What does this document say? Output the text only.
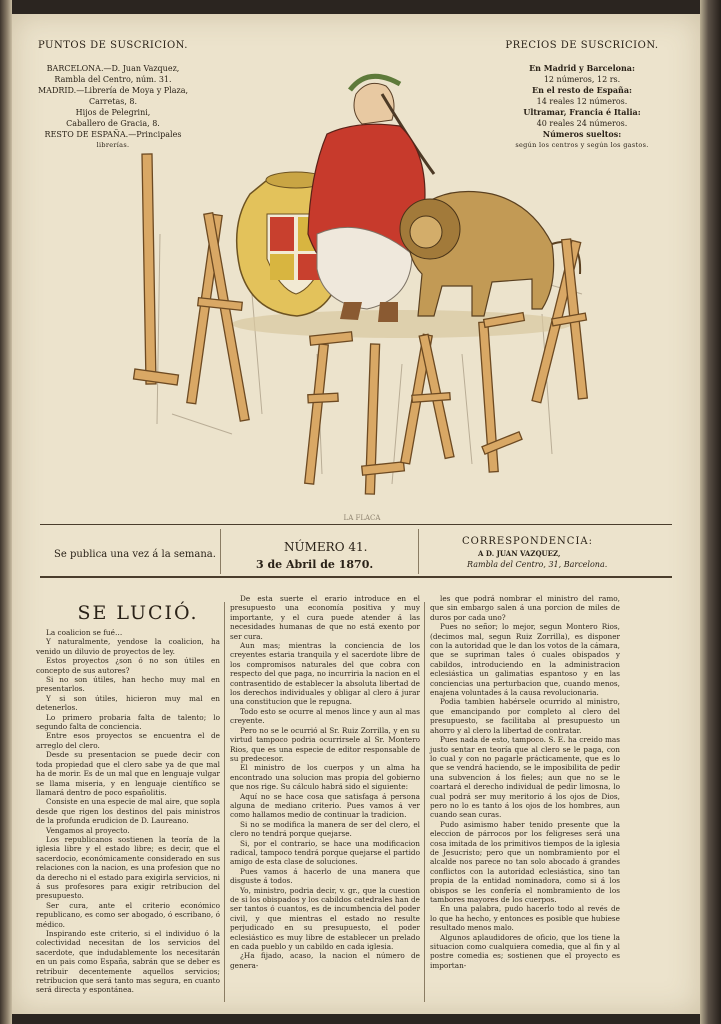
PUNTOS DE SUSCRICION.
BARCELONA.—D. Juan Vazquez,
Rambla del Centro, núm. 31.
MADRID.—Librería de Moya y Plaza,
Carretas, 8.
Hijos de Pelegrini,
Caballero de Gracia, 8.
RESTO DE ESPAÑA.—Principales
librerías.
PRECIOS DE SUSCRICION.
En Madrid y Barcelona:
12 números, 12 rs.
En el resto de España:
14 reales 12 números.
Ultramar, Francia é Italia:
40 reales 24 números.
Números sueltos:
según los centros y según los gastos.
LA FLACA
Se publica una vez á la semana.
NÚMERO 41.
3 de Abril de 1870.
CORRESPONDENCIA:
A D. JUAN VAZQUEZ,
Rambla del Centro, 31, Barcelona.
SE LUCIÓ.

La coalicion se fué…

Y naturalmente, yendose la coalicion, ha venido un diluvio de proyectos de ley.

Estos proyectos ¿son ó no son útiles en concepto de sus autores?

Si no son útiles, han hecho muy mal en presentarlos.

Y si son útiles, hicieron muy mal en detenerlos.

Lo primero probaria falta de talento; lo segundo falta de conciencia.

Entre esos proyectos se encuentra el de arreglo del clero.

Desde su presentacion se puede decir con toda propiedad que el clero sabe ya de que mal ha de morir. Es de un mal que en lenguaje vulgar se llama miseria, y en lenguaje científico se llamará dentro de poco españolitis.

Consiste en una especie de mal aire, que sopla desde que rigen los destinos del pais ministros de la profunda erudicion de D. Laureano.

Vengamos al proyecto.

Los republicanos sostienen la teoría de la iglesia libre y el estado libre; es decir, que el sacerdocio, económicamente considerado en sus relaciones con la nacion, es una profesion que no da derecho ni el estado para exigirla servicios, ni á sus profesores para exigir retribucion del presupuesto.

Ser cura, ante el criterio económico republicano, es como ser abogado, ó escribano, ó médico.

Inspirando este criterio, si el individuo ó la colectividad necesitan de los servicios del sacerdote, que indudablemente los necesitarán en un pais como España, sabrán que se deber es retribuir decentemente aquellos servicios; retribucion que será tanto mas segura, en cuanto será directa y espontánea.

De esta suerte el erario introduce en el presupuesto una economía positiva y muy importante, y el cura puede atender á las necesidades humanas de que no está exento por ser cura.

Aun mas; mientras la conciencia de los creyentes estaria tranquila y el sacerdote libre de los compromisos naturales del que cobra con respecto del que paga, no incurriria la nacion en el contrasentido de establecer la absoluta libertad de los derechos individuales y obligar al clero á jurar una constitucion que le repugna.

Todo esto se ocurre al menos lince y aun al mas creyente.

Pero no se le ocurrió al Sr. Ruiz Zorrilla, y en su virtud tampoco podria ocurrirsele al Sr. Montero Rios, que es una especie de editor responsable de su predecesor.

El ministro de los cuerpos y un alma ha encontrado una solucion mas propia del gobierno que nos rige. Su cálculo habrá sido el siguiente:

Aquí no se hace cosa que satisfaga á persona alguna de mediano criterio. Pues vamos á ver como hallamos medio de continuar la tradicion.

Si no se modifica la manera de ser del clero, el clero no tendrá porque quejarse.

Si, por el contrario, se hace una modificacion radical, tampoco tendrá porque quejarse el partido amigo de esta clase de soluciones.

Pues vamos á hacerlo de una manera que disguste á todos.

Yo, ministro, podria decir, v. gr., que la cuestion de si los obispados y los cabildos catedrales han de ser tantos ó cuantos, es de incumbencia del poder civil, y que mientras el estado no resulte perjudicado en su presupuesto, el poder eclesiástico es muy libre de establecer un prelado en cada pueblo y un cabildo en cada iglesia.

¿Ha fijado, acaso, la nacion el número de genera-

les que podrá nombrar el ministro del ramo, que sin embargo salen á una porcion de miles de duros por cada uno?

Pues no señor; lo mejor, segun Montero Rios, (decimos mal, segun Ruiz Zorrilla), es disponer con la autoridad que le dan los votos de la cámara, que se supriman tales ó cuales obispados y cabildos, introduciendo en la administracion eclesiástica un galimatias espantoso y en las conciencias una perturbacion que, cuando menos, enajena voluntades á la causa revolucionaria.

Podia tambien habérsele ocurrido al ministro, que emancipando por completo al clero del presupuesto, se facilitaba al presupuesto un ahorro y al clero la libertad de contratar.

Pues nada de esto, tampoco. S. E. ha creido mas justo sentar en teoría que al clero se le paga, con lo cual y con no pagarle prácticamente, que es lo que se vendrá haciendo, se le imposibilita de pedir una subvencion á los fieles; aun que no se le coartará el derecho individual de pedir limosna, lo cual podrá ser muy meritorio á los ojos de Dios, pero no lo es tanto á los ojos de los hombres, aun cuando sean curas.

Pudo asimismo haber tenido presente que la eleccion de párrocos por los feligreses será una cosa imitada de los primitivos tiempos de la iglesia de Jesucristo; pero que un nombramiento por el alcalde nos parece no tan solo abocado á grandes conflictos con la autoridad eclesiástica, sino tan propia de la entidad nominadora, como si á los obispos se les confería el nombramiento de los tambores mayores de los cuerpos.

En una palabra, pudo hacerlo todo al revés de lo que ha hecho, y entonces es posible que hubiese resultado menos malo.

Algunos aplaudidores de oficio, que los tiene la situacion como cualquiera comedia, que al fin y al postre comedia es; sostienen que el proyecto es importan-
